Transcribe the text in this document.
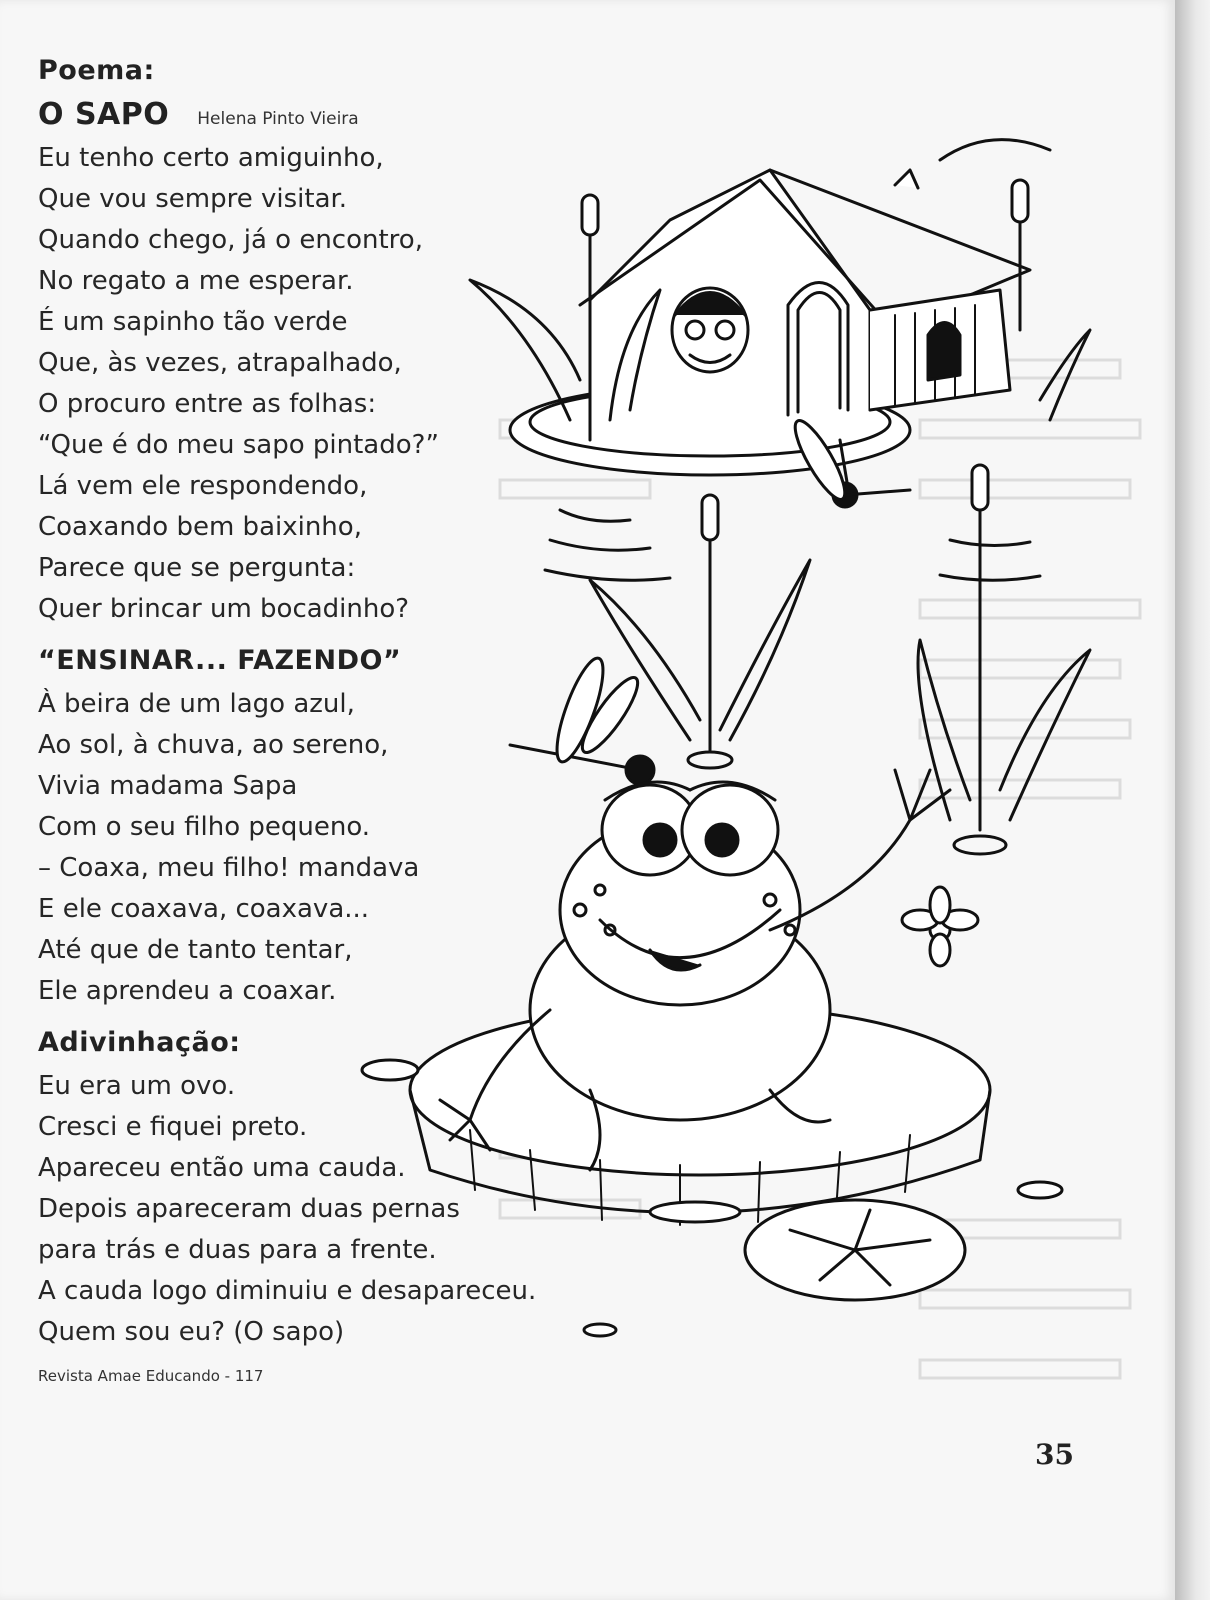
Poema:

O SAPO Helena Pinto Vieira
Eu tenho certo amiguinho,
Que vou sempre visitar.
Quando chego, já o encontro,
No regato a me esperar.
É um sapinho tão verde
Que, às vezes, atrapalhado,
O procuro entre as folhas:
“Que é do meu sapo pintado?”
Lá vem ele respondendo,
Coaxando bem baixinho,
Parece que se pergunta:
Quer brincar um bocadinho?

“ENSINAR... FAZENDO”

À beira de um lago azul,
Ao sol, à chuva, ao sereno,
Vivia madama Sapa
Com o seu filho pequeno.
– Coaxa, meu filho! mandava
E ele coaxava, coaxava...
Até que de tanto tentar,
Ele aprendeu a coaxar.

Adivinhação:

Eu era um ovo.
Cresci e fiquei preto.
Apareceu então uma cauda.
Depois apareceram duas pernas
para trás e duas para a frente.
A cauda logo diminuiu e desapareceu.
Quem sou eu? (O sapo)

Revista Amae Educando - 117

35
